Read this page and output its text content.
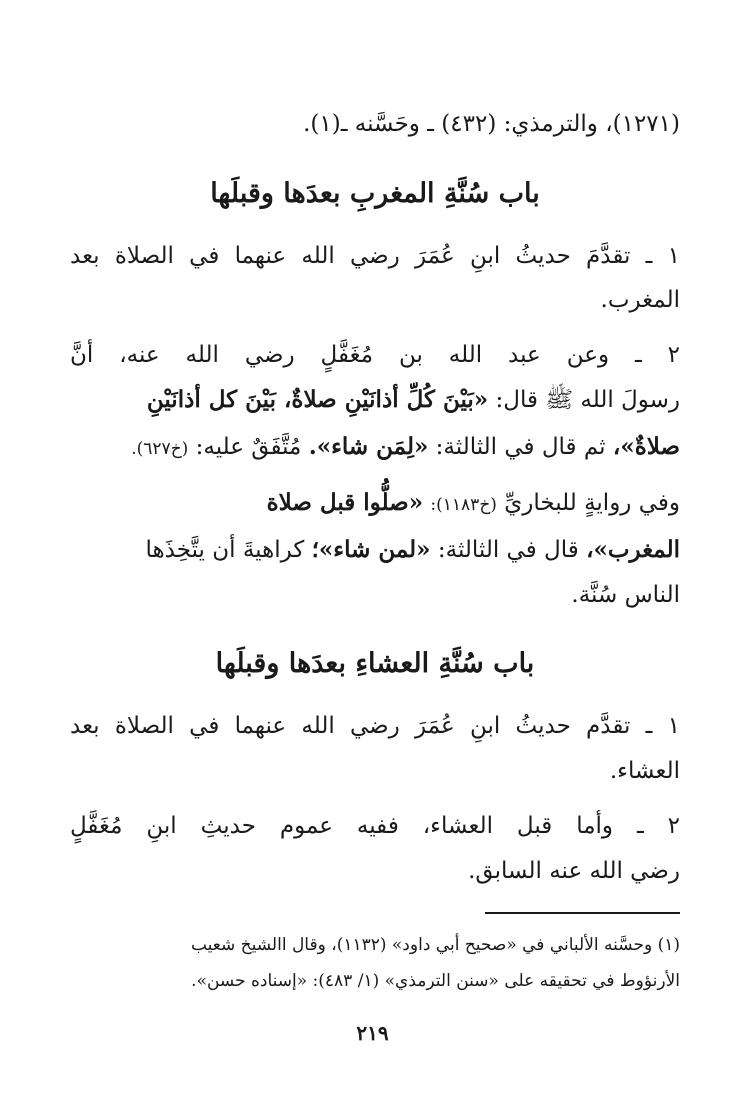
(١٢٧١)، والترمذي: (٤٣٢) ـ وحَسَّنه ـ(١).
باب سُنَّةِ المغربِ بعدَها وقبلَها
١ ـ تقدَّمَ حديثُ ابنِ عُمَرَ رضي الله عنهما في الصلاة بعد
المغرب.
٢ ـ وعن عبد الله بن مُغَفَّلٍ رضي الله عنه، أنَّ
رسولَ الله ﷺ قال: «بَيْنَ كُلِّ أذانَيْنِ صلاةٌ، بَيْنَ كل أذانَيْنِ
صلاةٌ»، ثم قال في الثالثة: «لِمَن شاء». مُتَّفَقٌ عليه: (خ٦٢٧).
وفي روايةٍ للبخاريِّ (خ١١٨٣): «صلُّوا قبل صلاة
المغرب»، قال في الثالثة: «لمن شاء»؛ كراهيةَ أن يتَّخِذَها
الناس سُنَّة.
باب سُنَّةِ العشاءِ بعدَها وقبلَها
١ ـ تقدَّم حديثُ ابنِ عُمَرَ رضي الله عنهما في الصلاة بعد
العشاء.
٢ ـ وأما قبل العشاء، ففيه عموم حديثِ ابنِ مُغَفَّلٍ
رضي الله عنه السابق.
(١) وحسَّنه الألباني في «صحيح أبي داود» (١١٣٢)، وقال االشيخ شعيب
الأرنؤوط في تحقيقه على «سنن الترمذي» (١/ ٤٨٣): «إسناده حسن».
٢١٩
